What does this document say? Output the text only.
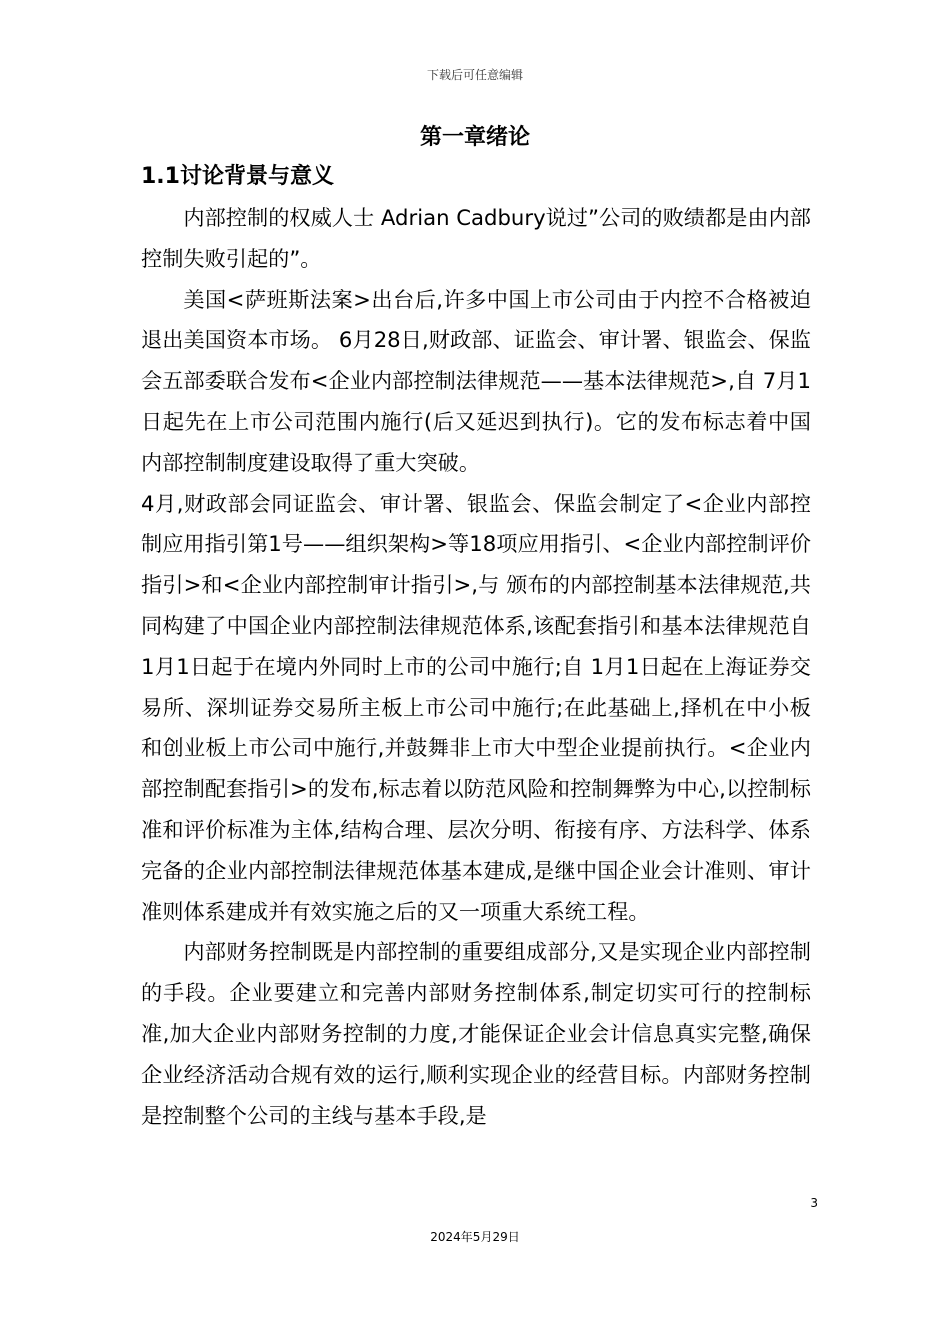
下载后可任意编辑
第一章绪论
1.1讨论背景与意义

内部控制的权威人士 Adrian Cadbury说过”公司的败绩都是由内部控制失败引起的”。

美国<萨班斯法案>出台后,许多中国上市公司由于内控不合格被迫退出美国资本市场。 6月28日,财政部、证监会、审计署、银监会、保监会五部委联合发布<企业内部控制法律规范——基本法律规范>,自 7月1日起先在上市公司范围内施行(后又延迟到执行)。它的发布标志着中国内部控制制度建设取得了重大突破。

4月,财政部会同证监会、审计署、银监会、保监会制定了<企业内部控制应用指引第1号——组织架构>等18项应用指引、<企业内部控制评价指引>和<企业内部控制审计指引>,与 颁布的内部控制基本法律规范,共同构建了中国企业内部控制法律规范体系,该配套指引和基本法律规范自 1月1日起于在境内外同时上市的公司中施行;自 1月1日起在上海证券交易所、深圳证券交易所主板上市公司中施行;在此基础上,择机在中小板和创业板上市公司中施行,并鼓舞非上市大中型企业提前执行。<企业内部控制配套指引>的发布,标志着以防范风险和控制舞弊为中心,以控制标准和评价标准为主体,结构合理、层次分明、衔接有序、方法科学、体系完备的企业内部控制法律规范体基本建成,是继中国企业会计准则、审计准则体系建成并有效实施之后的又一项重大系统工程。

内部财务控制既是内部控制的重要组成部分,又是实现企业内部控制的手段。企业要建立和完善内部财务控制体系,制定切实可行的控制标准,加大企业内部财务控制的力度,才能保证企业会计信息真实完整,确保企业经济活动合规有效的运行,顺利实现企业的经营目标。内部财务控制是控制整个公司的主线与基本手段,是

3
2024年5月29日
